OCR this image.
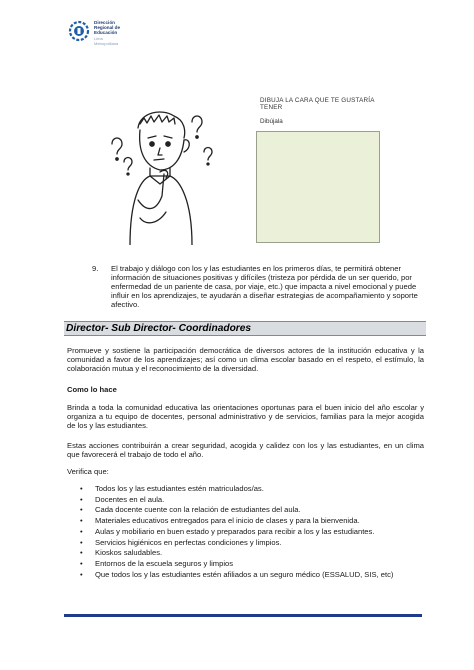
Dirección
Regional de
Educación
Lima
Metropolitana
DIBUJA LA CARA QUE TE GUSTARÍA TENER
Dibújala
9. El trabajo y diálogo con los y las estudiantes en los primeros días, te permitirá obtener información de situaciones positivas y difíciles (tristeza por pérdida de un ser querido, por enfermedad de un pariente de casa, por viaje, etc.) que impacta a nivel emocional y puede influir en los aprendizajes, te ayudarán a diseñar estrategias de acompañamiento y soporte afectivo.
Director- Sub Director- Coordinadores
Promueve y sostiene la participación democrática de diversos actores de la institución educativa y la comunidad a favor de los aprendizajes; así como un clima escolar basado en el respeto, el estímulo, la colaboración mutua y el reconocimiento de la diversidad.
Como lo hace
Brinda a toda la comunidad educativa las orientaciones oportunas para el buen inicio del año escolar y organiza a tu equipo de docentes, personal administrativo y de servicios, familias para la mejor acogida de los y las estudiantes.
Estas acciones contribuirán a crear seguridad, acogida y calidez con los y las estudiantes, en un clima que favorecerá el trabajo de todo el año.
Verifica que:
• Todos los y las estudiantes estén matriculados/as.
• Docentes en el aula.
• Cada docente cuente con la relación de estudiantes del aula.
• Materiales educativos entregados para el inicio de clases y para la bienvenida.
• Aulas y mobiliario en buen estado y preparados para recibir a los y las estudiantes.
• Servicios higiénicos en perfectas condiciones y limpios.
• Kioskos saludables.
• Entornos de la escuela seguros y limpios
• Que todos los y las estudiantes estén afiliados a un seguro médico (ESSALUD, SIS, etc)
